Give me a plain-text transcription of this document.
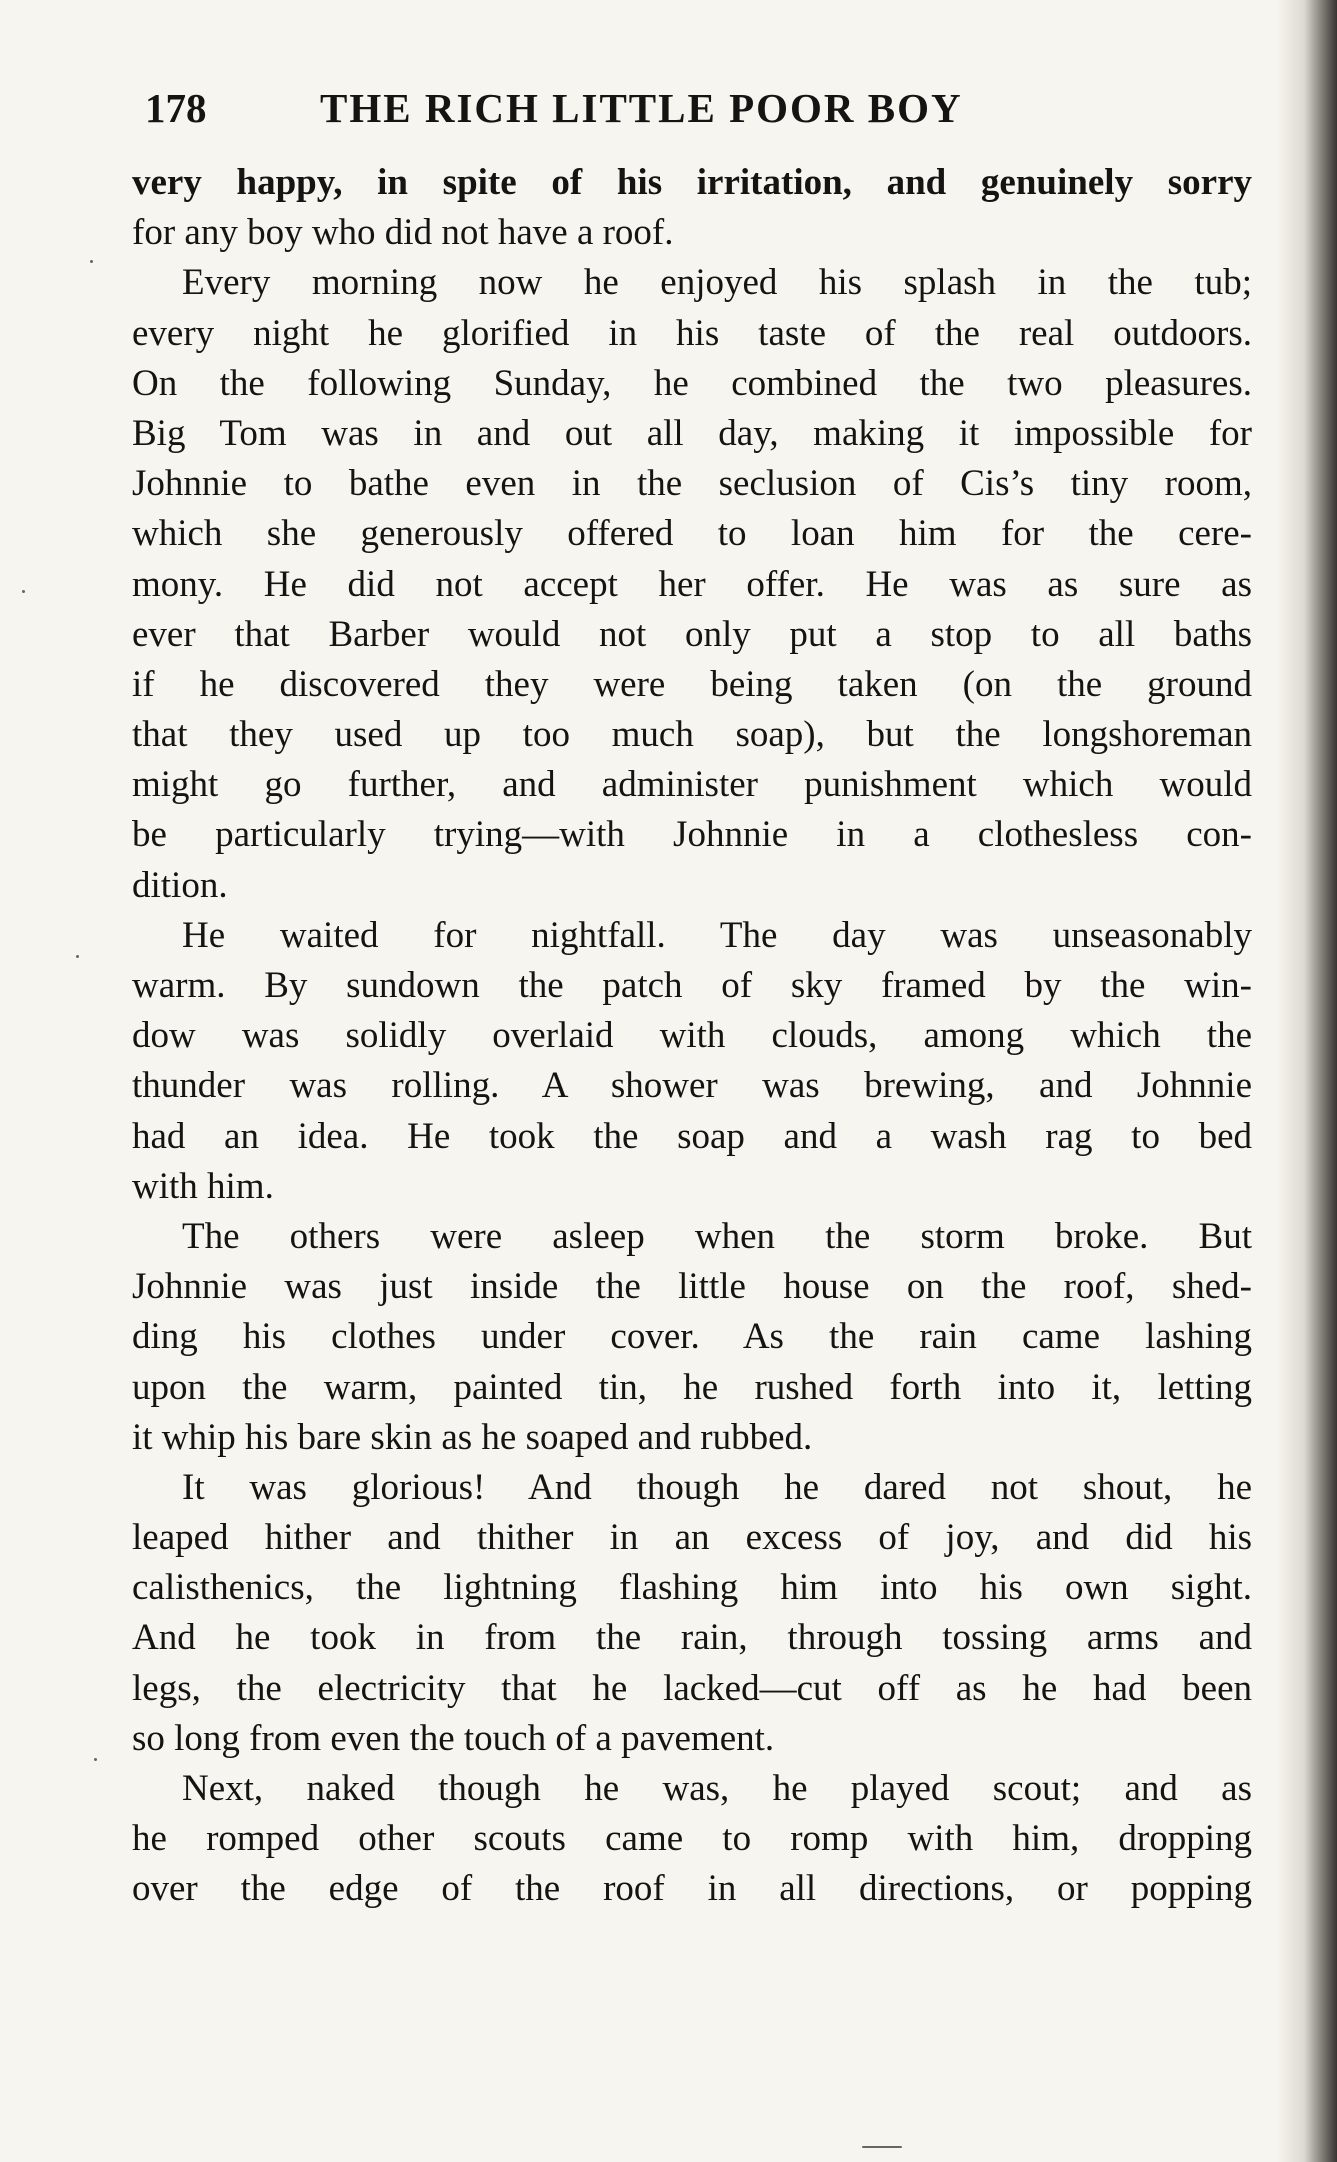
178	THE RICH LITTLE POOR BOY
very happy, in spite of his irritation, and genuinely sorry
for any boy who did not have a roof.
Every morning now he enjoyed his splash in the tub;
every night he glorified in his taste of the real outdoors.
On the following Sunday, he combined the two pleasures.
Big Tom was in and out all day, making it impossible for
Johnnie to bathe even in the seclusion of Cis’s tiny room,
which she generously offered to loan him for the cere-
mony. He did not accept her offer. He was as sure as
ever that Barber would not only put a stop to all baths
if he discovered they were being taken (on the ground
that they used up too much soap), but the longshoreman
might go further, and administer punishment which would
be particularly trying—with Johnnie in a clothesless con-
dition.
He waited for nightfall. The day was unseasonably
warm. By sundown the patch of sky framed by the win-
dow was solidly overlaid with clouds, among which the
thunder was rolling. A shower was brewing, and Johnnie
had an idea. He took the soap and a wash rag to bed
with him.
The others were asleep when the storm broke. But
Johnnie was just inside the little house on the roof, shed-
ding his clothes under cover. As the rain came lashing
upon the warm, painted tin, he rushed forth into it, letting
it whip his bare skin as he soaped and rubbed.
It was glorious! And though he dared not shout, he
leaped hither and thither in an excess of joy, and did his
calisthenics, the lightning flashing him into his own sight.
And he took in from the rain, through tossing arms and
legs, the electricity that he lacked—cut off as he had been
so long from even the touch of a pavement.
Next, naked though he was, he played scout; and as
he romped other scouts came to romp with him, dropping
over the edge of the roof in all directions, or popping
